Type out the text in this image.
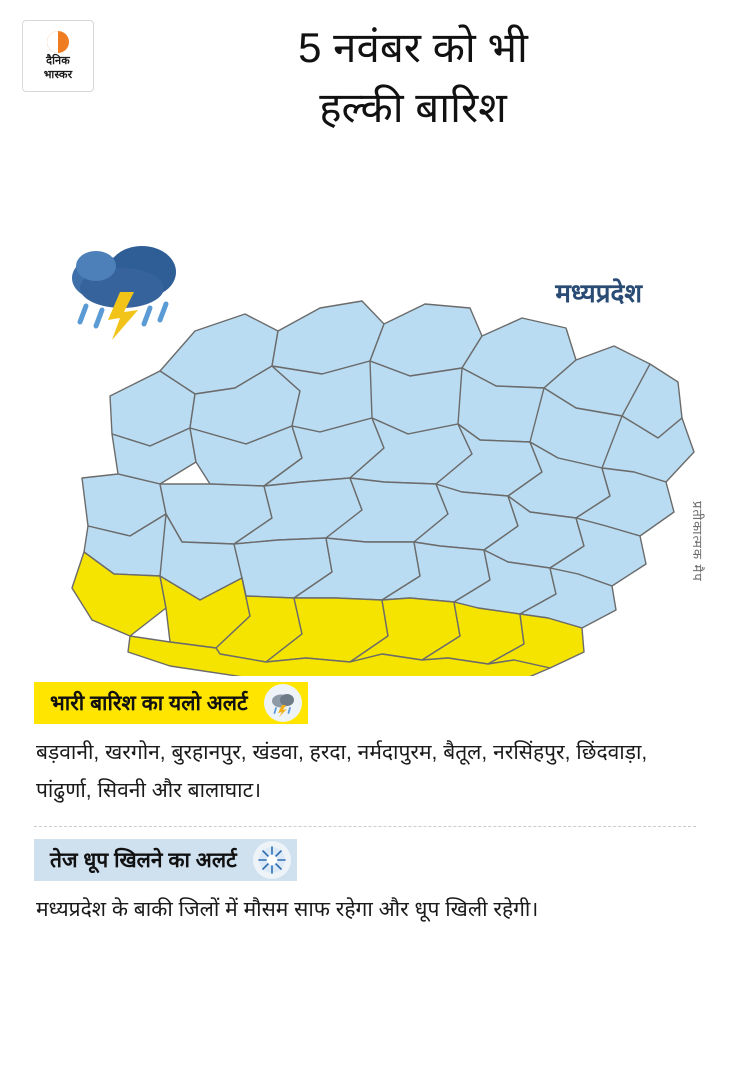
दैनिक
भास्कर
5 नवंबर को भी
हल्की बारिश
मध्यप्रदेश
प्रतीकात्मक मैप
भारी बारिश का यलो अलर्ट
बड़वानी, खरगोन, बुरहानपुर, खंडवा, हरदा, नर्मदापुरम, बैतूल, नरसिंहपुर, छिंदवाड़ा, पांढुर्णा, सिवनी और बालाघाट।
तेज धूप खिलने का अलर्ट
मध्यप्रदेश के बाकी जिलों में मौसम साफ रहेगा और धूप खिली रहेगी।
